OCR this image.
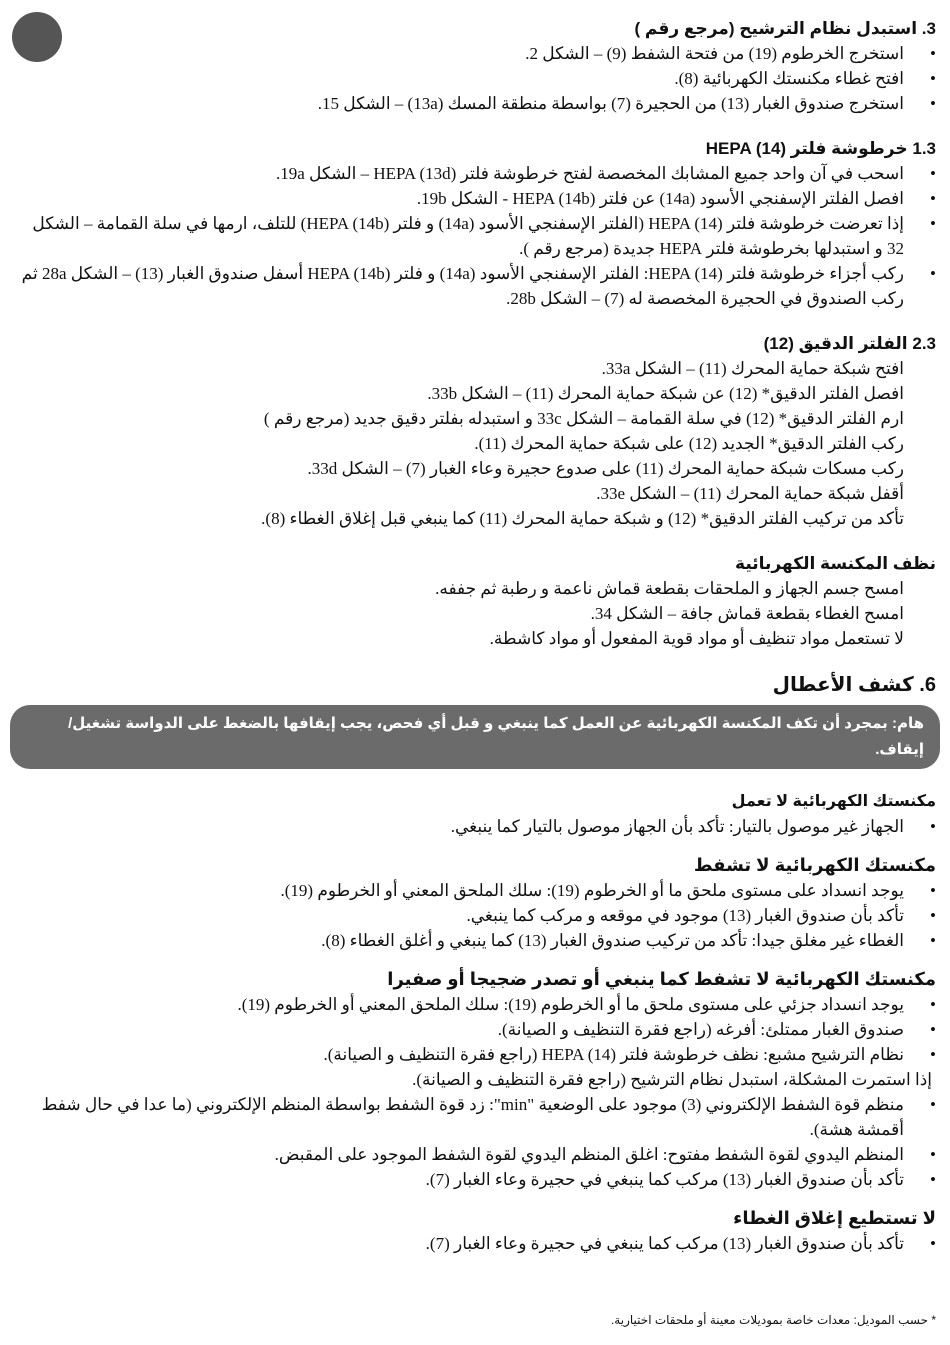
3. استبدل نظام الترشيح (مرجع رقم )
• استخرج الخرطوم (19) من فتحة الشفط (9) – الشكل 2.
• افتح غطاء مكنستك الكهربائية (8).
• استخرج صندوق الغبار (13) من الحجيرة (7) بواسطة منطقة المسك (13a) – الشكل 15.
1.3 خرطوشة فلتر HEPA (14)
• اسحب في آن واحد جميع المشابك المخصصة لفتح خرطوشة فلتر HEPA (13d) – الشكل 19a.
• افصل الفلتر الإسفنجي الأسود (14a) عن فلتر HEPA (14b) - الشكل 19b.
• إذا تعرضت خرطوشة فلتر HEPA (14) (الفلتر الإسفنجي الأسود (14a) و فلتر HEPA (14b)) للتلف، ارمها في سلة القمامة – الشكل 32 و استبدلها بخرطوشة فلتر HEPA جديدة (مرجع رقم ).
• ركب أجزاء خرطوشة فلتر HEPA (14): الفلتر الإسفنجي الأسود (14a) و فلتر HEPA (14b) أسفل صندوق الغبار (13) – الشكل 28a ثم ركب الصندوق في الحجيرة المخصصة له (7) – الشكل 28b.
2.3 الفلتر الدقيق (12)
افتح شبكة حماية المحرك (11) – الشكل 33a.
افصل الفلتر الدقيق* (12) عن شبكة حماية المحرك (11) – الشكل 33b.
ارم الفلتر الدقيق* (12) في سلة القمامة – الشكل 33c و استبدله بفلتر دقيق جديد (مرجع رقم )
ركب الفلتر الدقيق* الجديد (12) على شبكة حماية المحرك (11).
ركب مسكات شبكة حماية المحرك (11) على صدوع حجيرة وعاء الغبار (7) – الشكل 33d.
أقفل شبكة حماية المحرك (11) – الشكل 33e.
تأكد من تركيب الفلتر الدقيق* (12) و شبكة حماية المحرك (11) كما ينبغي قبل إغلاق الغطاء (8).
نظف المكنسة الكهربائية
امسح جسم الجهاز و الملحقات بقطعة قماش ناعمة و رطبة ثم جففه.
امسح الغطاء بقطعة قماش جافة – الشكل 34.
لا تستعمل مواد تنظيف أو مواد قوية المفعول أو مواد كاشطة.
6. كشف الأعطال
هام: بمجرد أن تكف المكنسة الكهربائية عن العمل كما ينبغي و قبل أي فحص، يجب إيقافها بالضغط على الدواسة تشغيل/إيقاف.
مكنستك الكهربائية لا تعمل
• الجهاز غير موصول بالتيار: تأكد بأن الجهاز موصول بالتيار كما ينبغي.
مكنستك الكهربائية لا تشفط
• يوجد انسداد على مستوى ملحق ما أو الخرطوم (19): سلك الملحق المعني أو الخرطوم (19).
• تأكد بأن صندوق الغبار (13) موجود في موقعه و مركب كما ينبغي.
• الغطاء غير مغلق جيدا: تأكد من تركيب صندوق الغبار (13) كما ينبغي و أغلق الغطاء (8).
مكنستك الكهربائية لا تشفط كما ينبغي أو تصدر ضجيجا أو صفيرا
• يوجد انسداد جزئي على مستوى ملحق ما أو الخرطوم (19): سلك الملحق المعني أو الخرطوم (19).
• صندوق الغبار ممتلئ: أفرغه (راجع فقرة التنظيف و الصيانة).
• نظام الترشيح مشبع: نظف خرطوشة فلتر HEPA (14) (راجع فقرة التنظيف و الصيانة).
إذا استمرت المشكلة، استبدل نظام الترشيح (راجع فقرة التنظيف و الصيانة).
• منظم قوة الشفط الإلكتروني (3) موجود على الوضعية "min": زد قوة الشفط بواسطة المنظم الإلكتروني (ما عدا في حال شفط أقمشة هشة).
• المنظم اليدوي لقوة الشفط مفتوح: اغلق المنظم اليدوي لقوة الشفط الموجود على المقبض.
• تأكد بأن صندوق الغبار (13) مركب كما ينبغي في حجيرة وعاء الغبار (7).
لا تستطيع إغلاق الغطاء
• تأكد بأن صندوق الغبار (13) مركب كما ينبغي في حجيرة وعاء الغبار (7).
* حسب الموديل: معدات خاصة بموديلات معينة أو ملحقات اختيارية.
